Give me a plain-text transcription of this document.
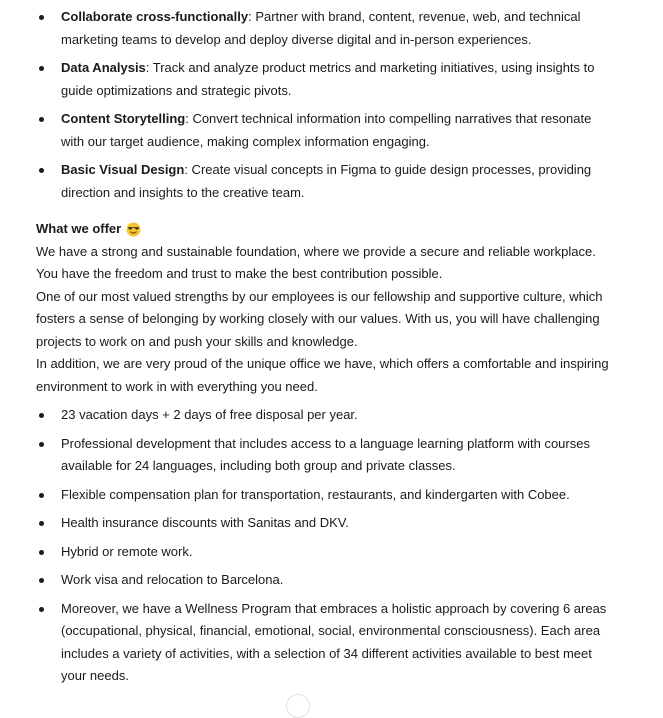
Collaborate cross-functionally: Partner with brand, content, revenue, web, and technical marketing teams to develop and deploy diverse digital and in-person experiences.
Data Analysis: Track and analyze product metrics and marketing initiatives, using insights to guide optimizations and strategic pivots.
Content Storytelling: Convert technical information into compelling narratives that resonate with our target audience, making complex information engaging.
Basic Visual Design: Create visual concepts in Figma to guide design processes, providing direction and insights to the creative team.
What we offer

We have a strong and sustainable foundation, where we provide a secure and reliable workplace. You have the freedom and trust to make the best contribution possible.

One of our most valued strengths by our employees is our fellowship and supportive culture, which fosters a sense of belonging by working closely with our values. With us, you will have challenging projects to work on and push your skills and knowledge.

In addition, we are very proud of the unique office we have, which offers a comfortable and inspiring environment to work in with everything you need.

23 vacation days + 2 days of free disposal per year.
Professional development that includes access to a language learning platform with courses available for 24 languages, including both group and private classes.
Flexible compensation plan for transportation, restaurants, and kindergarten with Cobee.
Health insurance discounts with Sanitas and DKV.
Hybrid or remote work.
Work visa and relocation to Barcelona.
Moreover, we have a Wellness Program that embraces a holistic approach by covering 6 areas (occupational, physical, financial, emotional, social, environmental consciousness). Each area includes a variety of activities, with a selection of 34 different activities available to best meet your needs.
